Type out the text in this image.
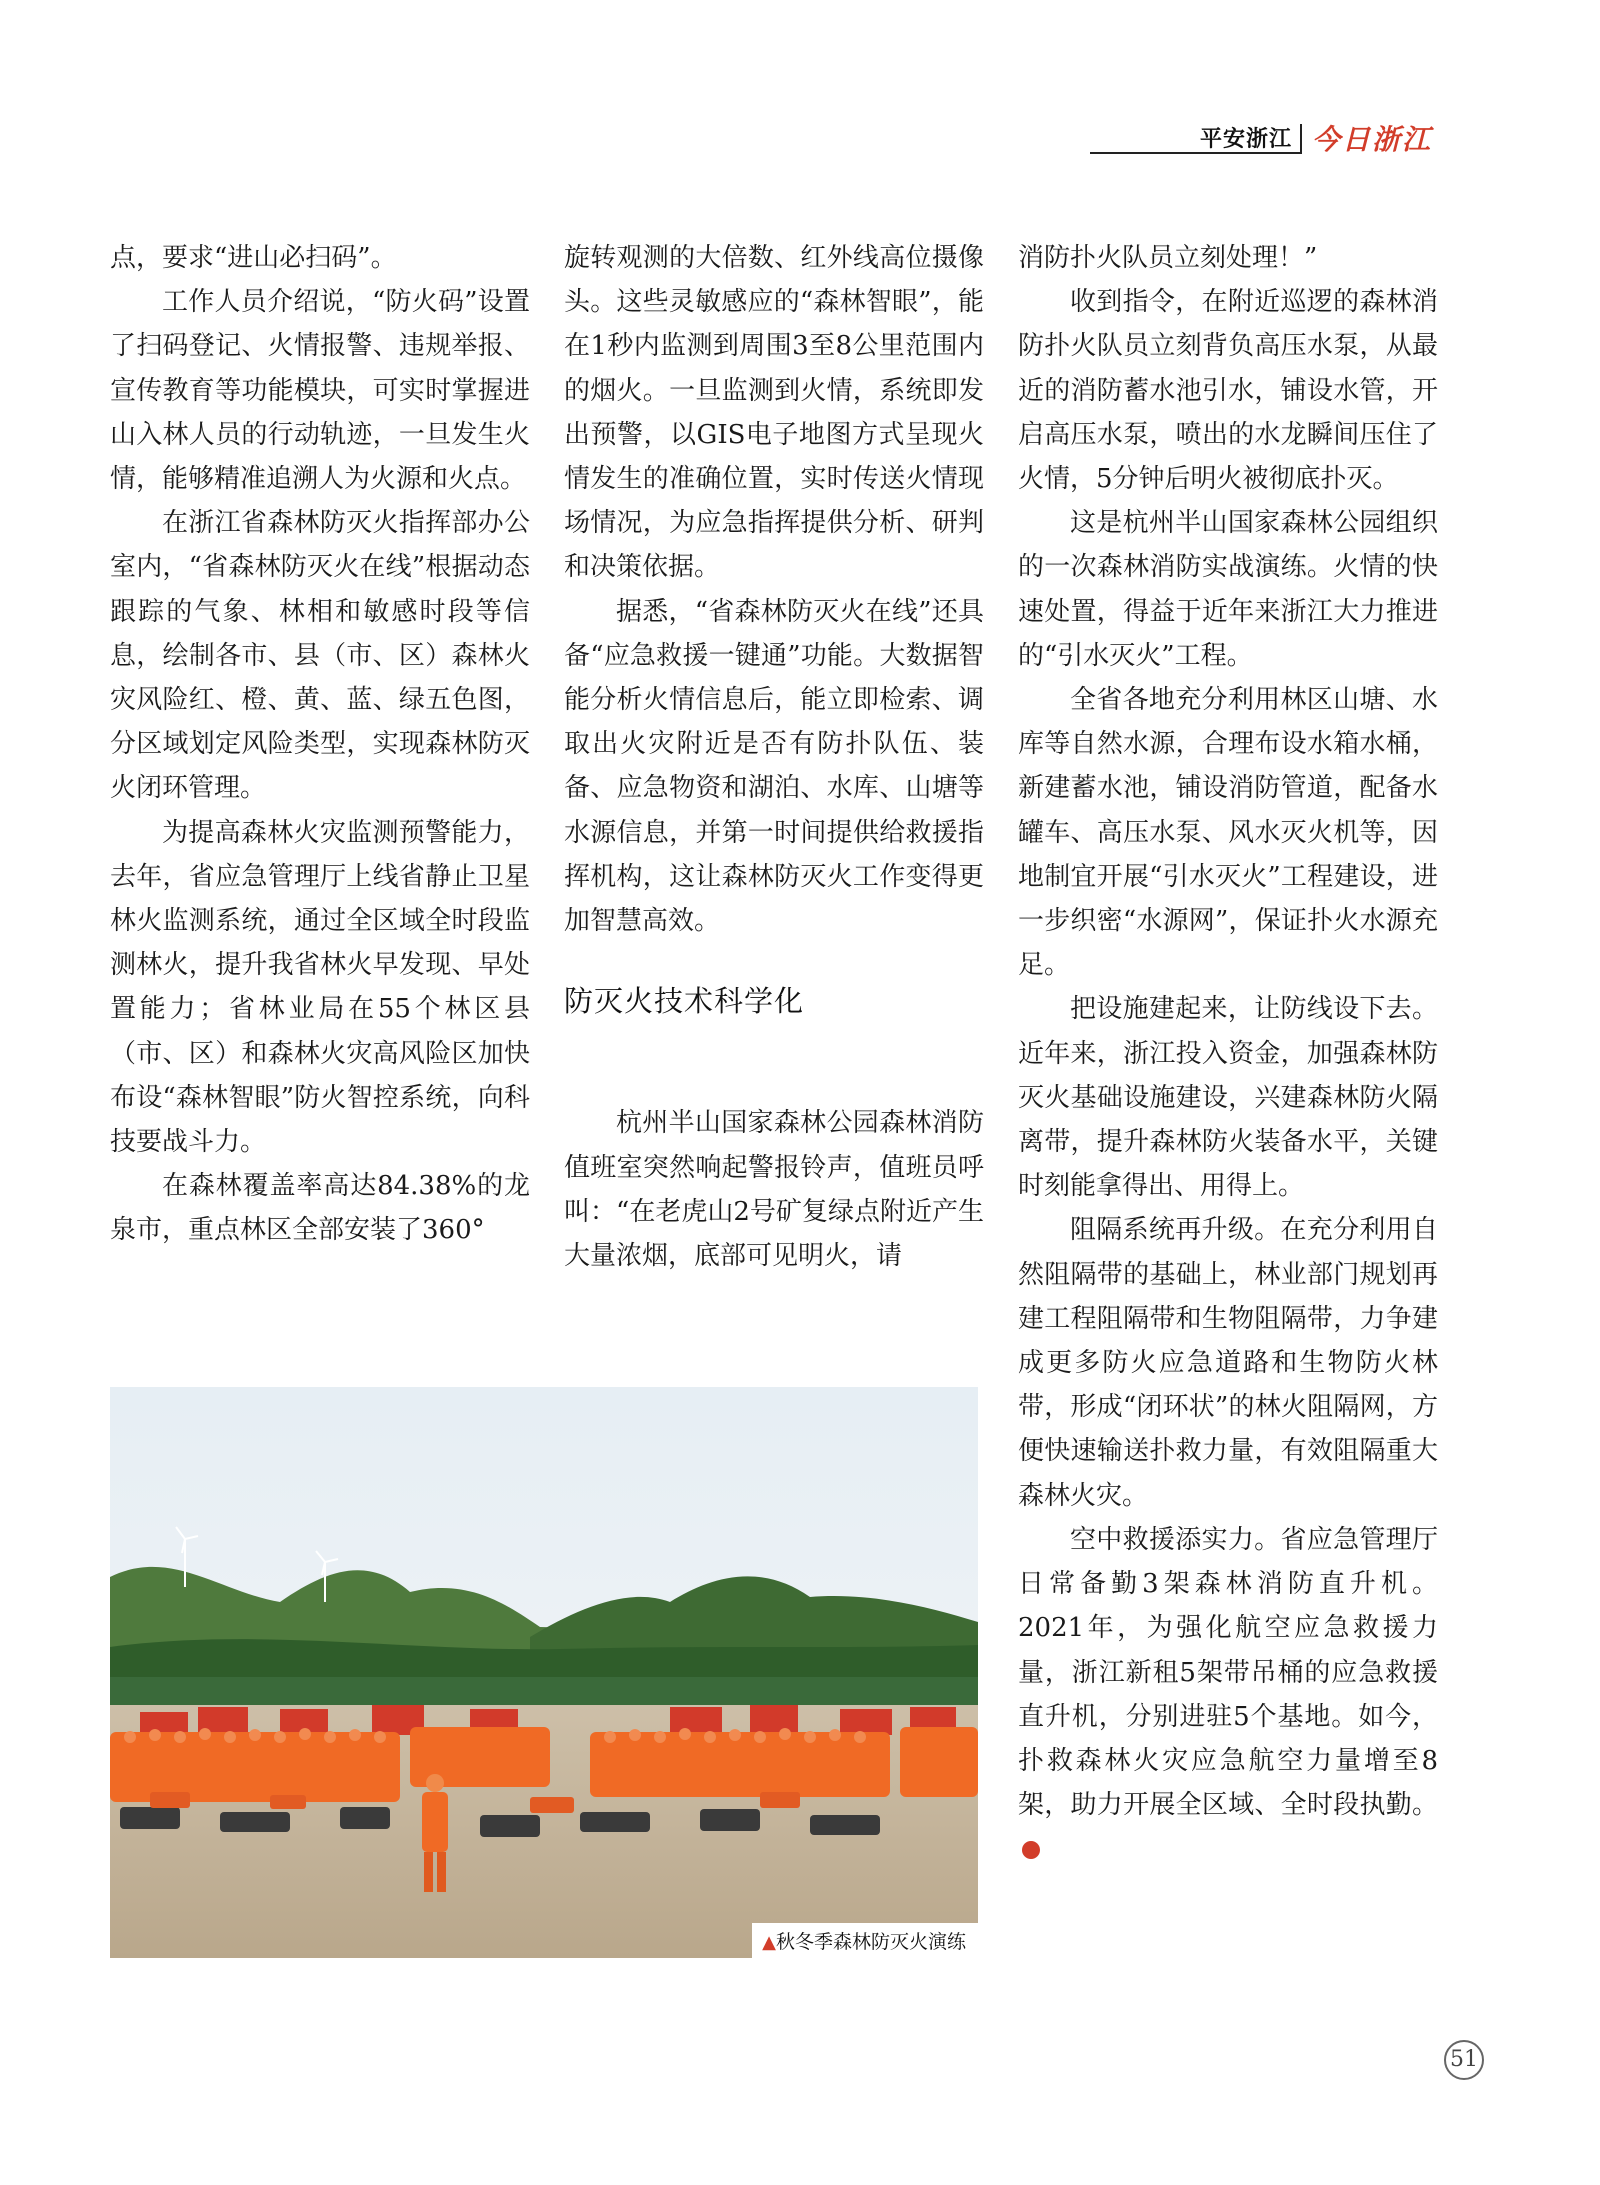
平安浙江 今日浙江

点，要求“进山必扫码”。

工作人员介绍说，“防火码”设置了扫码登记、火情报警、违规举报、宣传教育等功能模块，可实时掌握进山入林人员的行动轨迹，一旦发生火情，能够精准追溯人为火源和火点。

在浙江省森林防灭火指挥部办公室内，“省森林防灭火在线”根据动态跟踪的气象、林相和敏感时段等信息，绘制各市、县（市、区）森林火灾风险红、橙、黄、蓝、绿五色图，分区域划定风险类型，实现森林防灭火闭环管理。

为提高森林火灾监测预警能力，去年，省应急管理厅上线省静止卫星林火监测系统，通过全区域全时段监测林火，提升我省林火早发现、早处置能力；省林业局在55个林区县（市、区）和森林火灾高风险区加快布设“森林智眼”防火智控系统，向科技要战斗力。

在森林覆盖率高达84.38%的龙泉市，重点林区全部安装了360°

旋转观测的大倍数、红外线高位摄像头。这些灵敏感应的“森林智眼”，能在1秒内监测到周围3至8公里范围内的烟火。一旦监测到火情，系统即发出预警，以GIS电子地图方式呈现火情发生的准确位置，实时传送火情现场情况，为应急指挥提供分析、研判和决策依据。

据悉，“省森林防灭火在线”还具备“应急救援一键通”功能。大数据智能分析火情信息后，能立即检索、调取出火灾附近是否有防扑队伍、装备、应急物资和湖泊、水库、山塘等水源信息，并第一时间提供给救援指挥机构，这让森林防灭火工作变得更加智慧高效。

防灭火技术科学化

杭州半山国家森林公园森林消防值班室突然响起警报铃声，值班员呼叫：“在老虎山2号矿复绿点附近产生大量浓烟，底部可见明火，请

消防扑火队员立刻处理！”

收到指令，在附近巡逻的森林消防扑火队员立刻背负高压水泵，从最近的消防蓄水池引水，铺设水管，开启高压水泵，喷出的水龙瞬间压住了火情，5分钟后明火被彻底扑灭。

这是杭州半山国家森林公园组织的一次森林消防实战演练。火情的快速处置，得益于近年来浙江大力推进的“引水灭火”工程。

全省各地充分利用林区山塘、水库等自然水源，合理布设水箱水桶，新建蓄水池，铺设消防管道，配备水罐车、高压水泵、风水灭火机等，因地制宜开展“引水灭火”工程建设，进一步织密“水源网”，保证扑火水源充足。

把设施建起来，让防线设下去。近年来，浙江投入资金，加强森林防灭火基础设施建设，兴建森林防火隔离带，提升森林防火装备水平，关键时刻能拿得出、用得上。

阻隔系统再升级。在充分利用自然阻隔带的基础上，林业部门规划再建工程阻隔带和生物阻隔带，力争建成更多防火应急道路和生物防火林带，形成“闭环状”的林火阻隔网，方便快速输送扑救力量，有效阻隔重大森林火灾。

空中救援添实力。省应急管理厅日常备勤3架森林消防直升机。2021年，为强化航空应急救援力量，浙江新租5架带吊桶的应急救援直升机，分别进驻5个基地。如今，扑救森林火灾应急航空力量增至8架，助力开展全区域、全时段执勤。

▲秋冬季森林防灭火演练
51
